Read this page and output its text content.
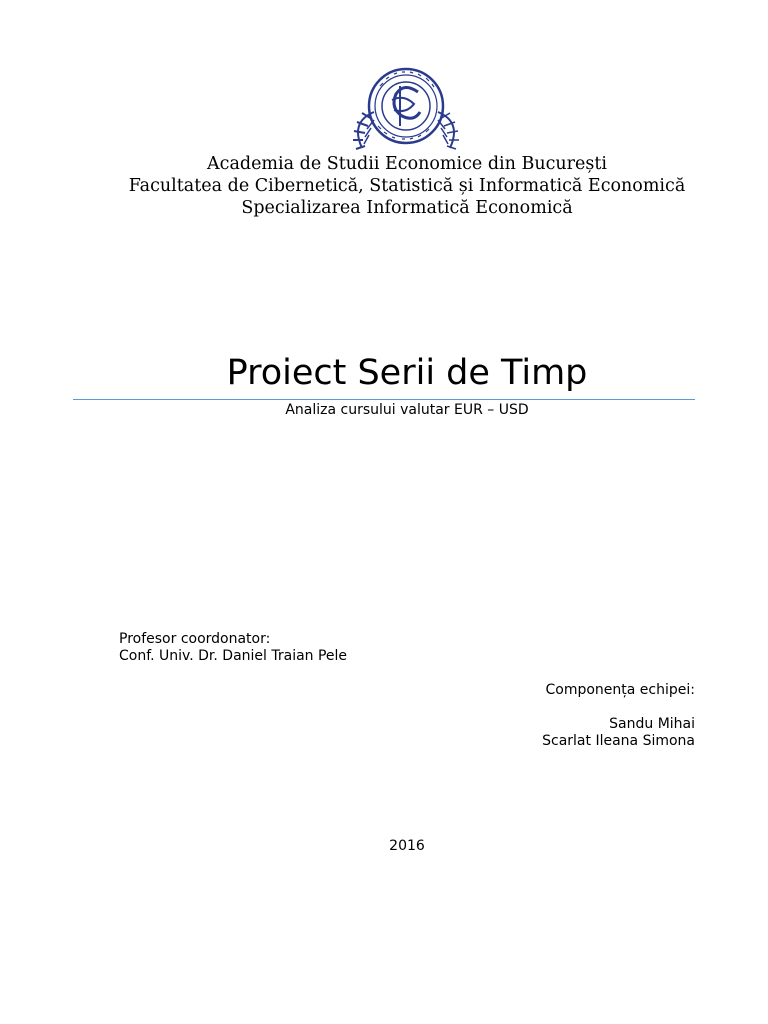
Academia de Studii Economice din București
Facultatea de Cibernetică, Statistică și Informatică Economică
Specializarea Informatică Economică
Proiect Serii de Timp
Analiza cursului valutar EUR – USD
Profesor coordonator:
Conf. Univ. Dr. Daniel Traian Pele
Componența echipei:
Sandu Mihai
Scarlat Ileana Simona
2016
